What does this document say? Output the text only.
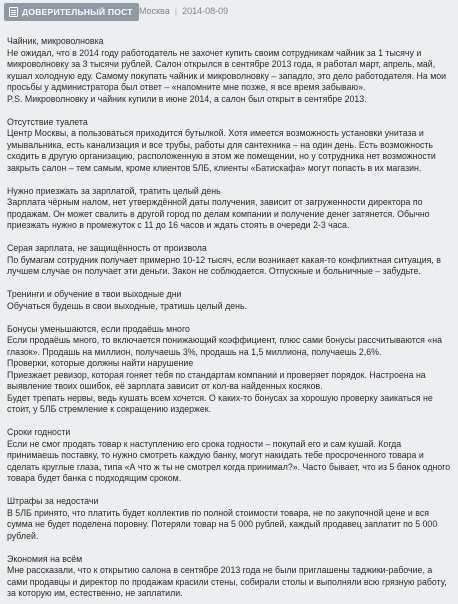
ДОВЕРИТЕЛЬНЫЙ ПОСТ Москва | 2014-08-09
Чайник, микроволновка

Не ожидал, что в 2014 году работодатель не захочет купить своим сотрудникам чайник за 1 тысячу и микроволновку за 3 тысячи рублей. Салон открылся в сентябре 2013 года, я работал март, апрель, май, кушал холодную еду. Самому покупать чайник и микроволновку – западло, это дело работодателя. На мои просьбы у администратора был ответ – «напомните мне позже, я все время забываю».

P.S. Микроволновку и чайник купили в июне 2014, а салон был открыт в сентябре 2013.

Отсутствие туалета

Центр Москвы, а пользоваться приходится бутылкой. Хотя имеется возможность установки унитаза и умывальника, есть канализация и все трубы, работы для сантехника – на один день. Есть возможность сходить в другую организацию, расположенную в этом же помещении, но у сотрудника нет возможности закрыть салон – тем самым, кроме клиентов 5ЛБ, клиенты «Батискафа» могут попасть в их магазин.

Нужно приезжать за зарплатой, тратить целый день

Зарплата чёрным налом, нет утверждённой даты получения, зависит от загруженности директора по продажам. Он может свалить в другой город по делам компании и получение денег затянется. Обычно приезжать нужно в промежуток с 11 до 16 часов и ждать стоять в очереди 2-3 часа.

Серая зарплата, не защищённость от произвола

По бумагам сотрудник получает примерно 10-12 тысяч, если возникает какая-то конфликтная ситуация, в лучшем случае он получает эти деньги. Закон не соблюдается. Отпускные и больничные – забудьте.

Тренинги и обучение в твои выходные дни

Обучаться будешь в свои выходные, тратишь целый день.

Бонусы уменьшаются, если продаёшь много

Если продаёшь много, то включается понижающий коэффициент, плюс сами бонусы рассчитываются «на глазок». Продашь на миллион, получаешь 3%, продашь на 1,5 миллиона, получаешь 2,6%.

Проверки, которые должны найти нарушение

Приезжает ревизор, которая гоняет тебя по стандартам компании и проверяет порядок. Настроена на выявление твоих ошибок, её зарплата зависит от кол-ва найденных косяков.

Будет трепать нервы, ведь кушать всем хочется. О каких-то бонусах за хорошую проверку заикаться не стоит, у 5ЛБ стремление к сокращению издержек.

Сроки годности

Если не смог продать товар к наступлению его срока годности – покупай его и сам кушай. Когда принимаешь поставку, то нужно смотреть каждую банку, могут накидать тебе просроченного товара и сделать круглые глаза, типа «А что ж ты не смотрел когда принимал?». Часто бывает, что из 5 банок одного товара будет банка с подходящим сроком.

Штрафы за недостачи

В 5ЛБ принято, что платить будет коллектив по полной стоимости товара, не по закупочной цене и вся сумма не будет поделена поровну. Потеряли товар на 5 000 рублей, каждый продавец заплатит по 5 000 рублей.

Экономия на всём

Мне рассказали, что к открытию салона в сентябре 2013 года не были приглашены таджики-рабочие, а сами продавцы и директор по продажам красили стены, собирали столы и выполняли всю грязную работу, за которую им, естественно, не заплатили.
